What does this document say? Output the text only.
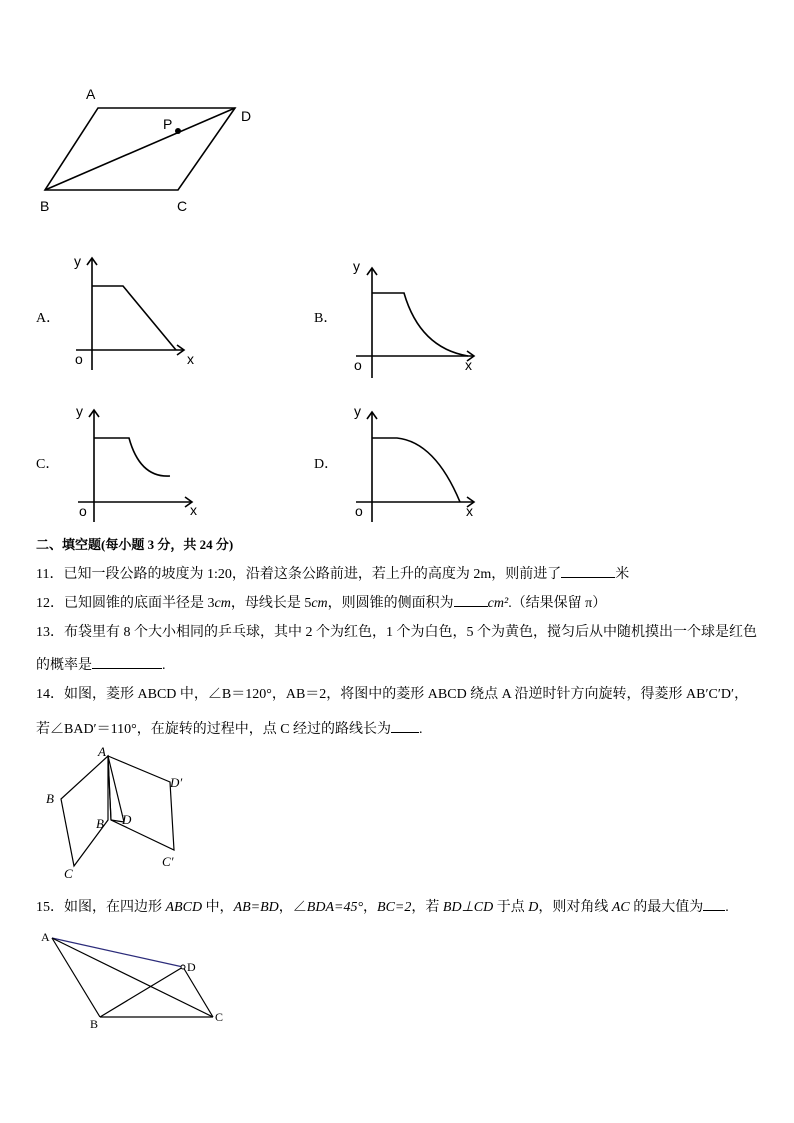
A
D
P
B	C
A．
y
o	x
B．
y
o	x
C．
y
o	x
D．
y
o	x
二、填空题(每小题 3 分，共 24 分)
11．已知一段公路的坡度为 1:20，沿着这条公路前进，若上升的高度为 2m，则前进了	米
12．已知圆锥的底面半径是 3cm，母线长是 5cm，则圆锥的侧面积为 cm².（结果保留 π）
13．布袋里有 8 个大小相同的乒乓球，其中 2 个为红色，1 个为白色，5 个为黄色，搅匀后从中随机摸出一个球是红色
的概率是	.
14．如图，菱形 ABCD 中，∠B＝120°，AB＝2，将图中的菱形 ABCD 绕点 A 沿逆时针方向旋转，得菱形 AB′C′D′，
若∠BAD′＝110°，在旋转的过程中，点 C 经过的路线长为 .
A
B
C
B D
D′
C′
15．如图，在四边形 ABCD 中，AB=BD，∠BDA=45°，BC=2，若 BD⊥CD 于点 D，则对角线 AC 的最大值为 .
A
D
B	C
